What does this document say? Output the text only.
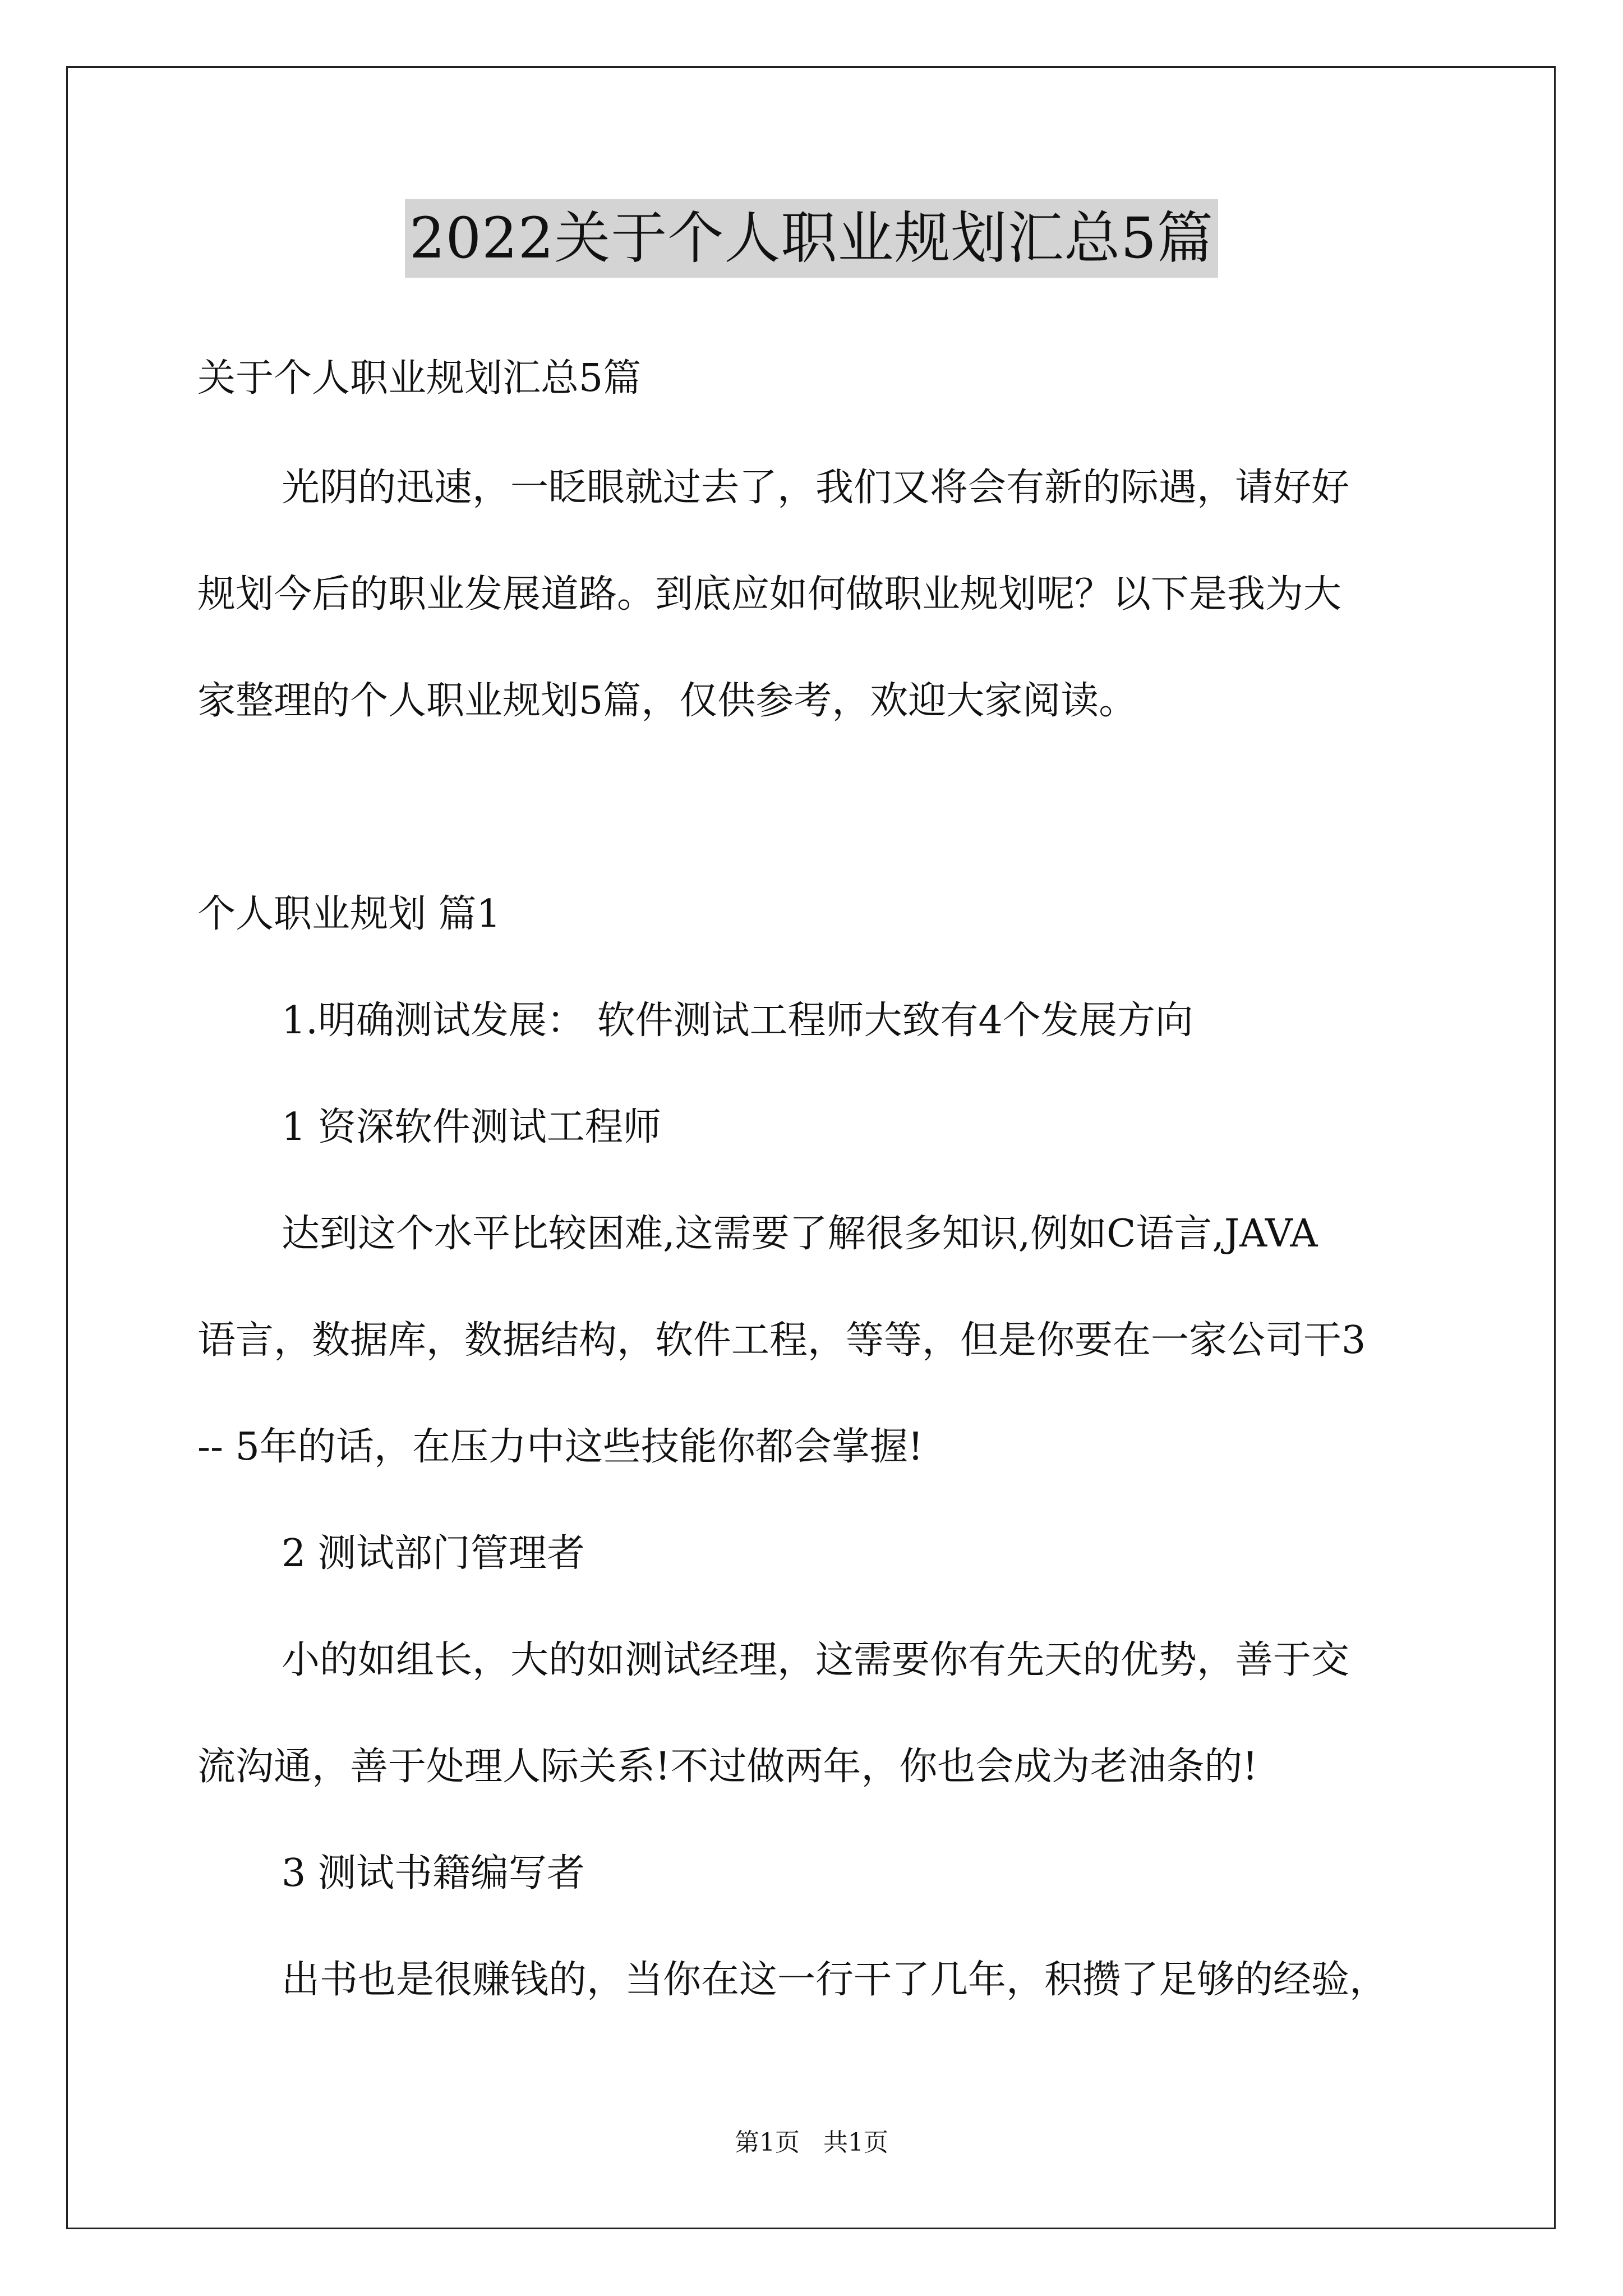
2022关于个人职业规划汇总5篇
关于个人职业规划汇总5篇
光阴的迅速，一眨眼就过去了，我们又将会有新的际遇，请好好
规划今后的职业发展道路。到底应如何做职业规划呢？以下是我为大
家整理的个人职业规划5篇，仅供参考，欢迎大家阅读。
个人职业规划 篇1
1.明确测试发展： 软件测试工程师大致有4个发展方向
1 资深软件测试工程师
达到这个水平比较困难,这需要了解很多知识,例如C语言,JAVA
语言，数据库，数据结构，软件工程，等等，但是你要在一家公司干3
-- 5年的话，在压力中这些技能你都会掌握!
2 测试部门管理者
小的如组长，大的如测试经理，这需要你有先天的优势，善于交
流沟通，善于处理人际关系!不过做两年，你也会成为老油条的!
3 测试书籍编写者
出书也是很赚钱的，当你在这一行干了几年，积攒了足够的经验，
第1页   共1页
